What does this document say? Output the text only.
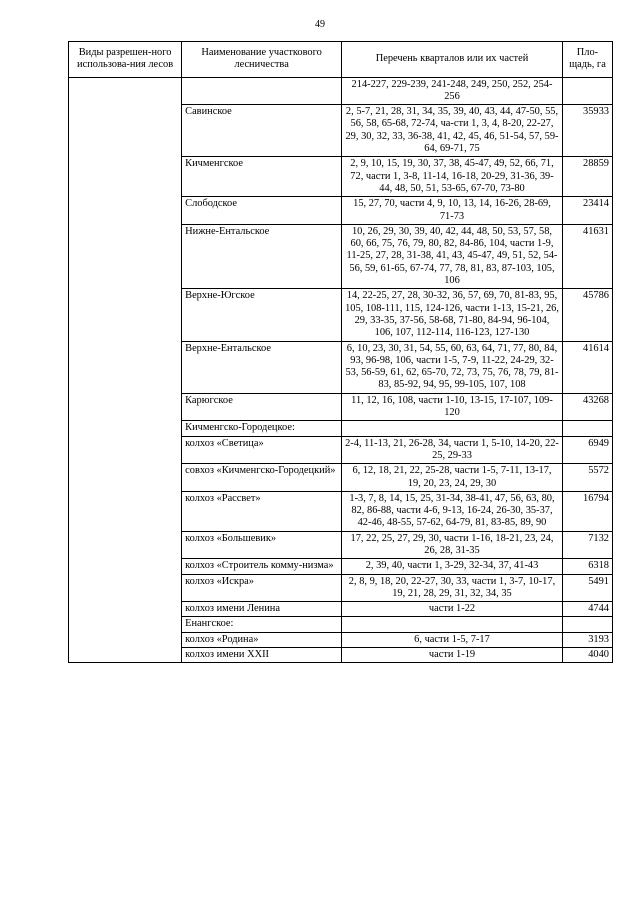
49
Виды разрешен-ного использова-ния лесов	Наименование участкового лесничества	Перечень кварталов или их частей	Пло-щадь, га
		214-227, 229-239, 241-248, 249, 250, 252, 254-256	
	Савинское	2, 5-7, 21, 28, 31, 34, 35, 39, 40, 43, 44, 47-50, 55, 56, 58, 65-68, 72-74, ча-сти 1, 3, 4, 8-20, 22-27, 29, 30, 32, 33, 36-38, 41, 42, 45, 46, 51-54, 57, 59-64, 69-71, 75	35933
	Кичменгское	2, 9, 10, 15, 19, 30, 37, 38, 45-47, 49, 52, 66, 71, 72, части 1, 3-8, 11-14, 16-18, 20-29, 31-36, 39-44, 48, 50, 51, 53-65, 67-70, 73-80	28859
	Слободское	15, 27, 70, части 4, 9, 10, 13, 14, 16-26, 28-69, 71-73	23414
	Нижне-Ентальское	10, 26, 29, 30, 39, 40, 42, 44, 48, 50, 53, 57, 58, 60, 66, 75, 76, 79, 80, 82, 84-86, 104, части 1-9, 11-25, 27, 28, 31-38, 41, 43, 45-47, 49, 51, 52, 54-56, 59, 61-65, 67-74, 77, 78, 81, 83, 87-103, 105, 106	41631
	Верхне-Югское	14, 22-25, 27, 28, 30-32, 36, 57, 69, 70, 81-83, 95, 105, 108-111, 115, 124-126, части 1-13, 15-21, 26, 29, 33-35, 37-56, 58-68, 71-80, 84-94, 96-104, 106, 107, 112-114, 116-123, 127-130	45786
	Верхне-Ентальское	6, 10, 23, 30, 31, 54, 55, 60, 63, 64, 71, 77, 80, 84, 93, 96-98, 106, части 1-5, 7-9, 11-22, 24-29, 32-53, 56-59, 61, 62, 65-70, 72, 73, 75, 76, 78, 79, 81-83, 85-92, 94, 95, 99-105, 107, 108	41614
	Карюгское	11, 12, 16, 108, части 1-10, 13-15, 17-107, 109-120	43268
	Кичменгско-Городецкое:		
	колхоз «Светица»	2-4, 11-13, 21, 26-28, 34, части 1, 5-10, 14-20, 22-25, 29-33	6949
	совхоз «Кичменгско-Городецкий»	6, 12, 18, 21, 22, 25-28, части 1-5, 7-11, 13-17, 19, 20, 23, 24, 29, 30	5572
	колхоз «Рассвет»	1-3, 7, 8, 14, 15, 25, 31-34, 38-41, 47, 56, 63, 80, 82, 86-88, части 4-6, 9-13, 16-24, 26-30, 35-37, 42-46, 48-55, 57-62, 64-79, 81, 83-85, 89, 90	16794
	колхоз «Большевик»	17, 22, 25, 27, 29, 30, части 1-16, 18-21, 23, 24, 26, 28, 31-35	7132
	колхоз «Строитель комму-низма»	2, 39, 40, части 1, 3-29, 32-34, 37, 41-43	6318
	колхоз «Искра»	2, 8, 9, 18, 20, 22-27, 30, 33, части 1, 3-7, 10-17, 19, 21, 28, 29, 31, 32, 34, 35	5491
	колхоз имени Ленина	части 1-22	4744
	Енангское:		
	колхоз «Родина»	6, части 1-5, 7-17	3193
	колхоз имени XXII	части 1-19	4040
